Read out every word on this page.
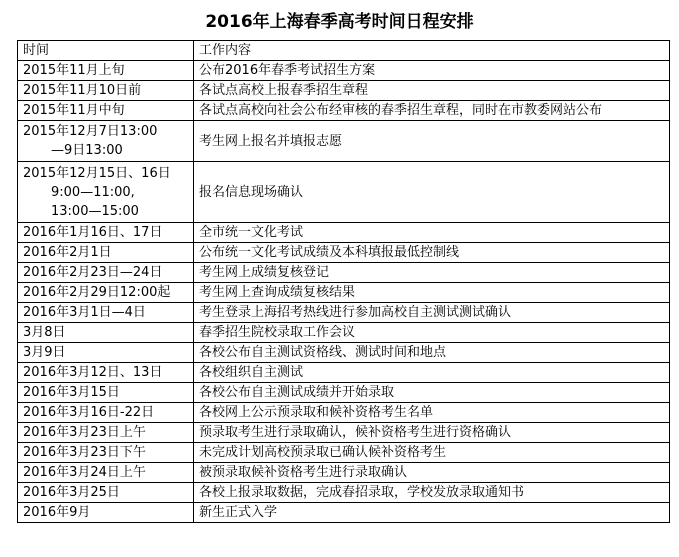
2016年上海春季高考时间日程安排
时间	工作内容
2015年11月上旬	公布2016年春季考试招生方案
2015年11月10日前	各试点高校上报春季招生章程
2015年11月中旬	各试点高校向社会公布经审核的春季招生章程，同时在市教委网站公布

2015年12月7日13:00
—9日13:00	考生网上报名并填报志愿

2015年12月15日、16日
9:00—11:00,
13:00—15:00	报名信息现场确认
2016年1月16日、17日	全市统一文化考试
2016年2月1日	公布统一文化考试成绩及本科填报最低控制线
2016年2月23日—24日	考生网上成绩复核登记
2016年2月29日12:00起	考生网上查询成绩复核结果
2016年3月1日—4日	考生登录上海招考热线进行参加高校自主测试测试确认
3月8日	春季招生院校录取工作会议
3月9日	各校公布自主测试资格线、测试时间和地点
2016年3月12日、13日	各校组织自主测试
2016年3月15日	各校公布自主测试成绩并开始录取
2016年3月16日-22日	各校网上公示预录取和候补资格考生名单
2016年3月23日上午	预录取考生进行录取确认，候补资格考生进行资格确认
2016年3月23日下午	未完成计划高校预录取已确认候补资格考生
2016年3月24日上午	被预录取候补资格考生进行录取确认
2016年3月25日	各校上报录取数据，完成春招录取，学校发放录取通知书
2016年9月	新生正式入学
